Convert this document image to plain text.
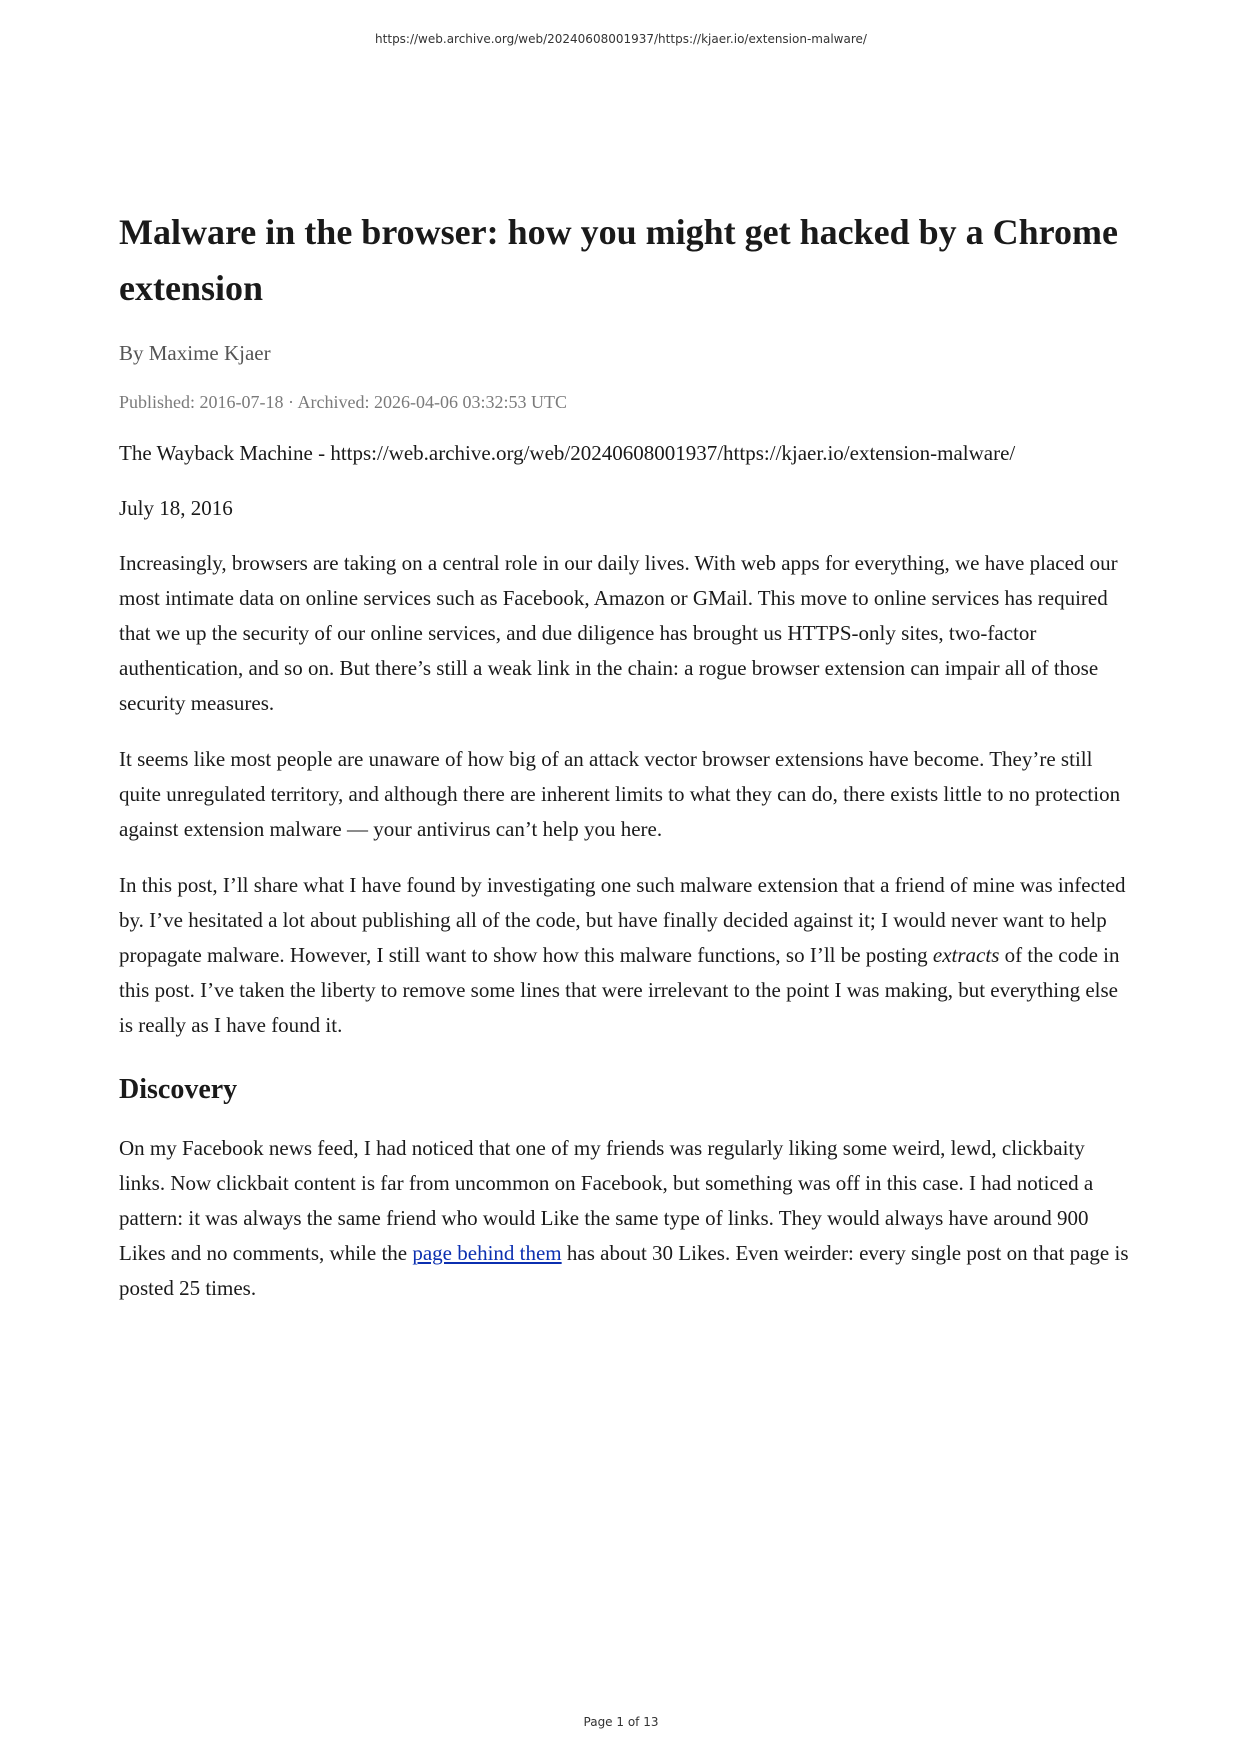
https://web.archive.org/web/20240608001937/https://kjaer.io/extension-malware/
Malware in the browser: how you might get hacked by a Chrome extension
By Maxime Kjaer
Published: 2016-07-18 · Archived: 2026-04-06 03:32:53 UTC

The Wayback Machine - https://web.archive.org/web/20240608001937/https://kjaer.io/extension-malware/

July 18, 2016

Increasingly, browsers are taking on a central role in our daily lives. With web apps for everything, we have placed our most intimate data on online services such as Facebook, Amazon or GMail. This move to online services has required that we up the security of our online services, and due diligence has brought us HTTPS-only sites, two-factor authentication, and so on. But there’s still a weak link in the chain: a rogue browser extension can impair all of those security measures.

It seems like most people are unaware of how big of an attack vector browser extensions have become. They’re still quite unregulated territory, and although there are inherent limits to what they can do, there exists little to no protection against extension malware — your antivirus can’t help you here.

In this post, I’ll share what I have found by investigating one such malware extension that a friend of mine was infected by. I’ve hesitated a lot about publishing all of the code, but have finally decided against it; I would never want to help propagate malware. However, I still want to show how this malware functions, so I’ll be posting extracts of the code in this post. I’ve taken the liberty to remove some lines that were irrelevant to the point I was making, but everything else is really as I have found it.

Discovery

On my Facebook news feed, I had noticed that one of my friends was regularly liking some weird, lewd, clickbaity links. Now clickbait content is far from uncommon on Facebook, but something was off in this case. I had noticed a pattern: it was always the same friend who would Like the same type of links. They would always have around 900 Likes and no comments, while the page behind them has about 30 Likes. Even weirder: every single post on that page is posted 25 times.

Page 1 of 13
